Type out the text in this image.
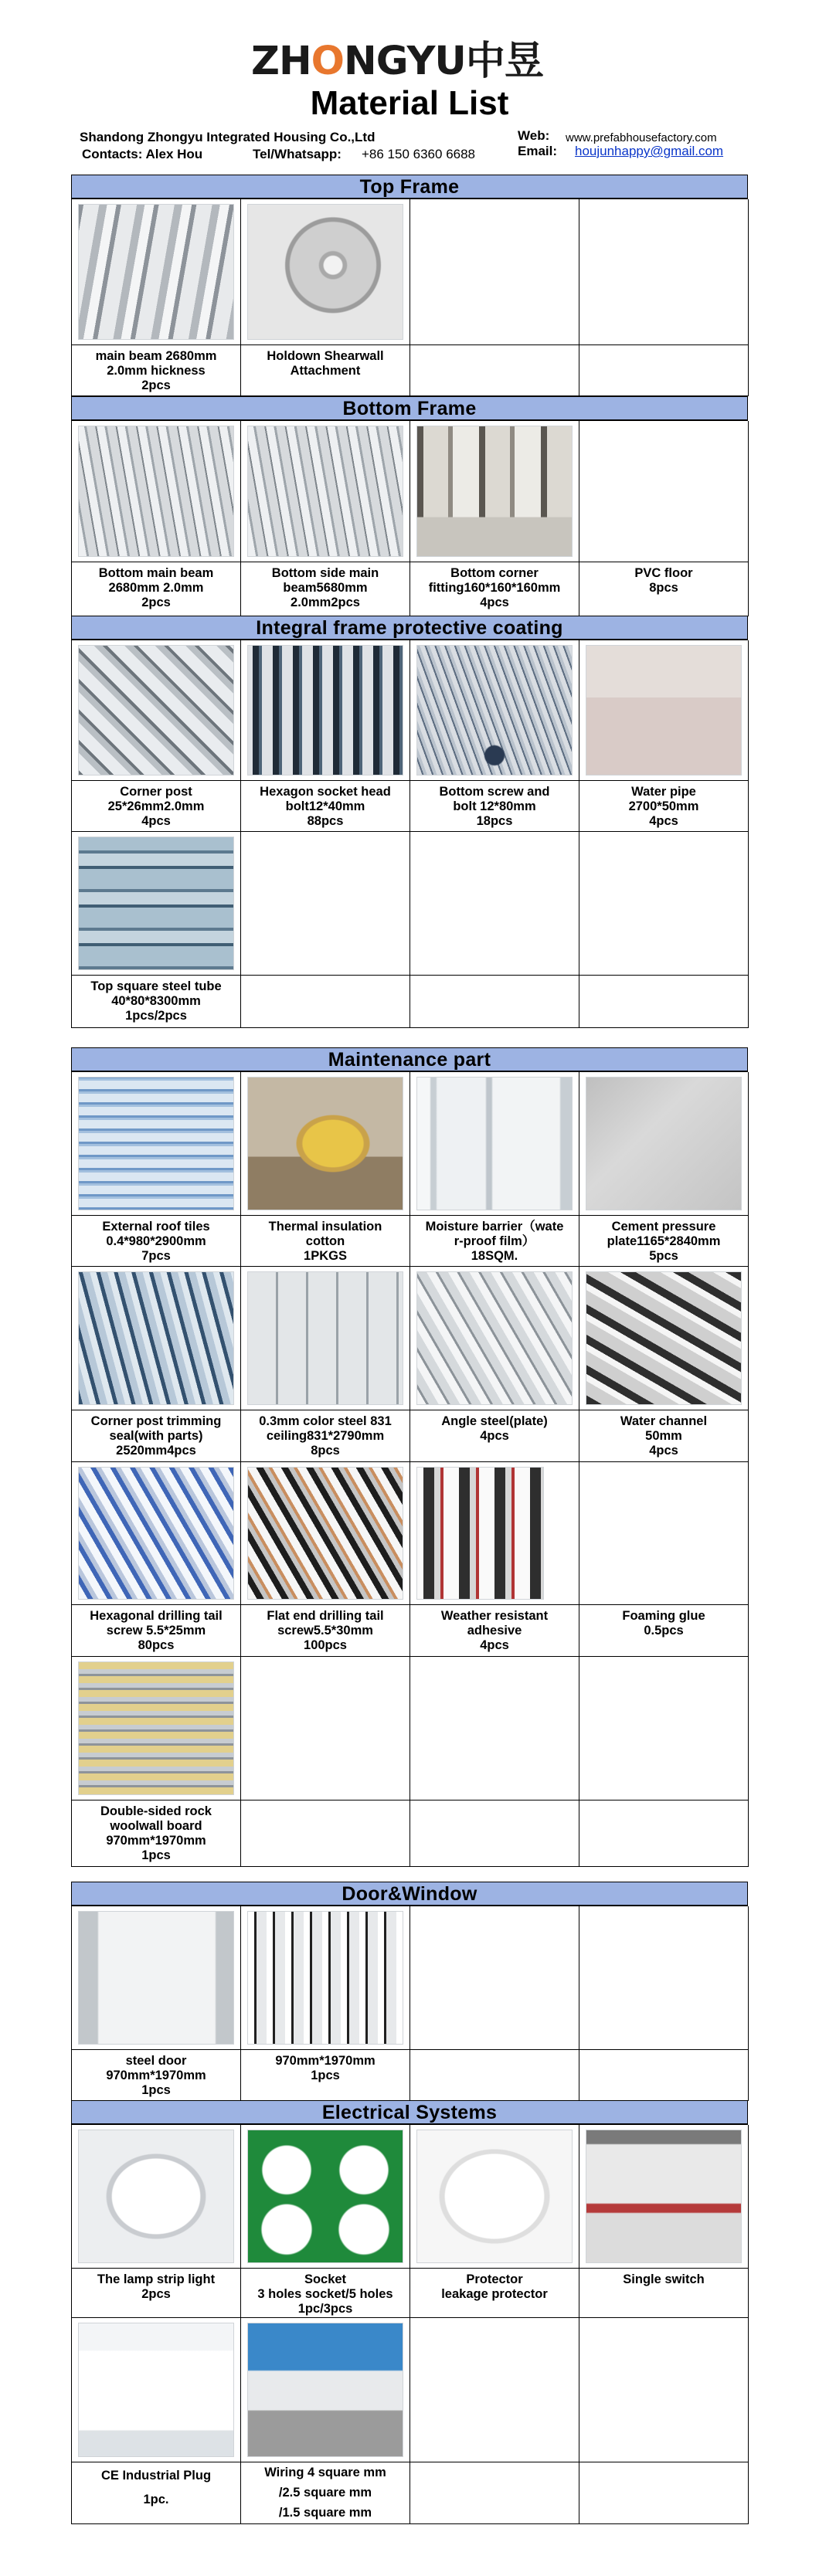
ZHONGYU中昱
Material List
Shandong Zhongyu Integrated Housing Co.,Ltd
Contacts: Alex Hou	Tel/Whatsapp: +86 150 6360 6688
Web: www.prefabhousefactory.com
Email: houjunhappy@gmail.com
Top Frame
main beam 2680mm
2.0mm hickness
2pcs
Holdown Shearwall
Attachment
Bottom Frame
Bottom main beam
2680mm 2.0mm
2pcs
Bottom side main
beam5680mm
2.0mm2pcs
Bottom corner
fitting160*160*160mm
4pcs
PVC floor
8pcs
Integral frame protective coating
Corner post
25*26mm2.0mm
4pcs
Hexagon socket head
bolt12*40mm
88pcs
Bottom screw and
bolt 12*80mm
18pcs
Water pipe
2700*50mm
4pcs
Top square steel tube
40*80*8300mm
1pcs/2pcs
Maintenance part
External roof tiles
0.4*980*2900mm
7pcs
Thermal insulation
cotton
1PKGS
Moisture barrier（wate
r-proof film）
18SQM.
Cement pressure
plate1165*2840mm
5pcs
Corner post trimming
seal(with parts)
2520mm4pcs
0.3mm color steel 831
ceiling831*2790mm
8pcs
Angle steel(plate)
4pcs
Water channel
50mm
4pcs
Hexagonal drilling tail
screw 5.5*25mm
80pcs
Flat end drilling tail
screw5.5*30mm
100pcs
Weather resistant
adhesive
4pcs
Foaming glue
0.5pcs
Double-sided rock
woolwall board
970mm*1970mm
1pcs
Door&Window
steel door
970mm*1970mm
1pcs
970mm*1970mm
1pcs
Electrical Systems
The lamp strip light
2pcs
Socket
3 holes socket/5 holes
1pc/3pcs
Protector
leakage protector
Single switch
CE Industrial Plug
1pc.
Wiring 4 square mm
/2.5 square mm
/1.5 square mm
